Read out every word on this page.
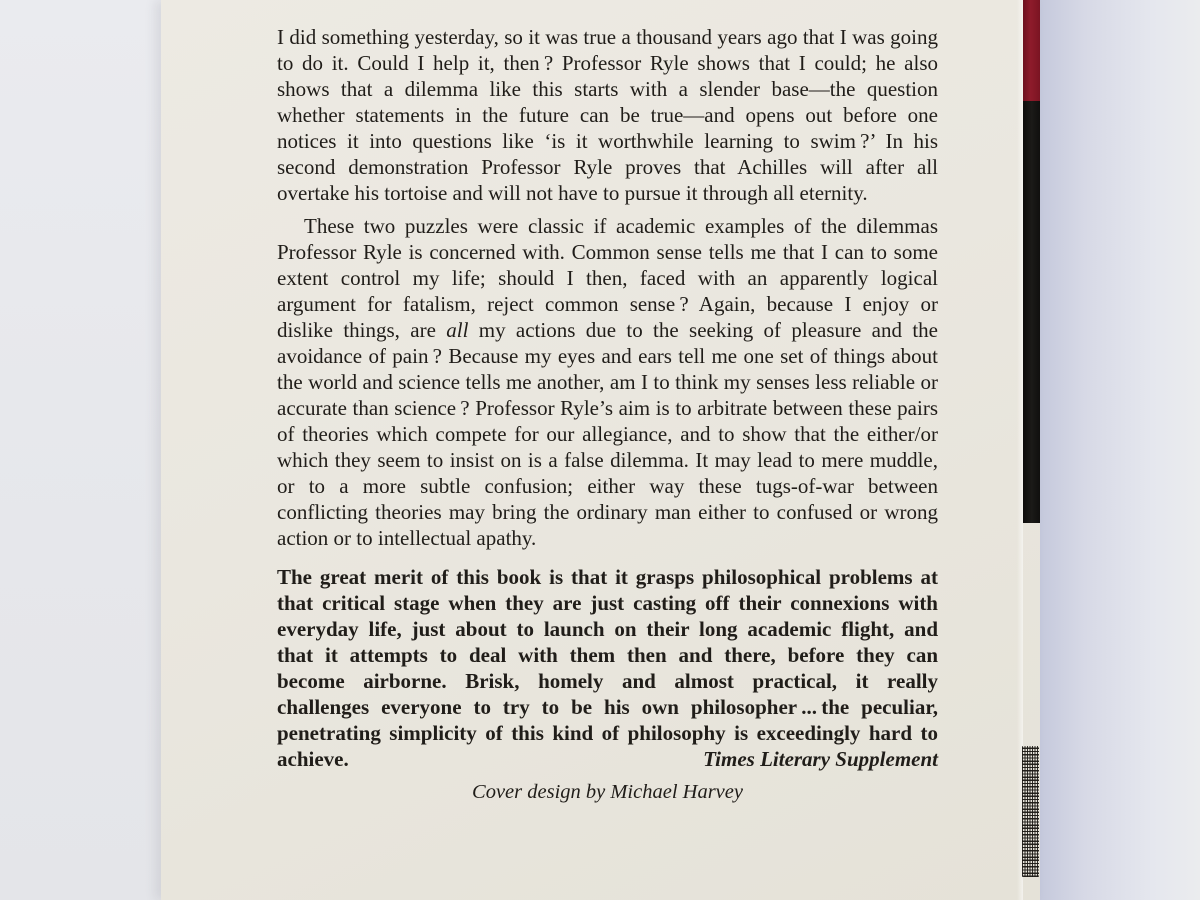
I did something yesterday, so it was true a thousand years ago that I was going to do it. Could I help it, then ? Professor Ryle shows that I could; he also shows that a dilemma like this starts with a slender base—the question whether statements in the future can be true—and opens out before one notices it into questions like ‘is it worthwhile learning to swim ?’ In his second demonstration Professor Ryle proves that Achilles will after all overtake his tortoise and will not have to pursue it through all eternity.

These two puzzles were classic if academic examples of the dilemmas Professor Ryle is concerned with. Common sense tells me that I can to some extent control my life; should I then, faced with an apparently logical argument for fatalism, reject common sense ? Again, because I enjoy or dislike things, are all my actions due to the seeking of pleasure and the avoidance of pain ? Because my eyes and ears tell me one set of things about the world and science tells me another, am I to think my senses less reliable or accurate than science ? Professor Ryle’s aim is to arbitrate between these pairs of theories which compete for our allegiance, and to show that the either/or which they seem to insist on is a false dilemma. It may lead to mere muddle, or to a more subtle confusion; either way these tugs-of-war between conflicting theories may bring the ordinary man either to confused or wrong action or to intellectual apathy.

The great merit of this book is that it grasps philosophical problems at that critical stage when they are just casting off their connexions with everyday life, just about to launch on their long academic flight, and that it attempts to deal with them then and there, before they can become airborne. Brisk, homely and almost practical, it really challenges everyone to try to be his own philosopher ... the peculiar, penetrating simplicity of this kind of philosophy is exceedingly hard to

achieve.	Times Literary Supplement
Cover design by Michael Harvey
